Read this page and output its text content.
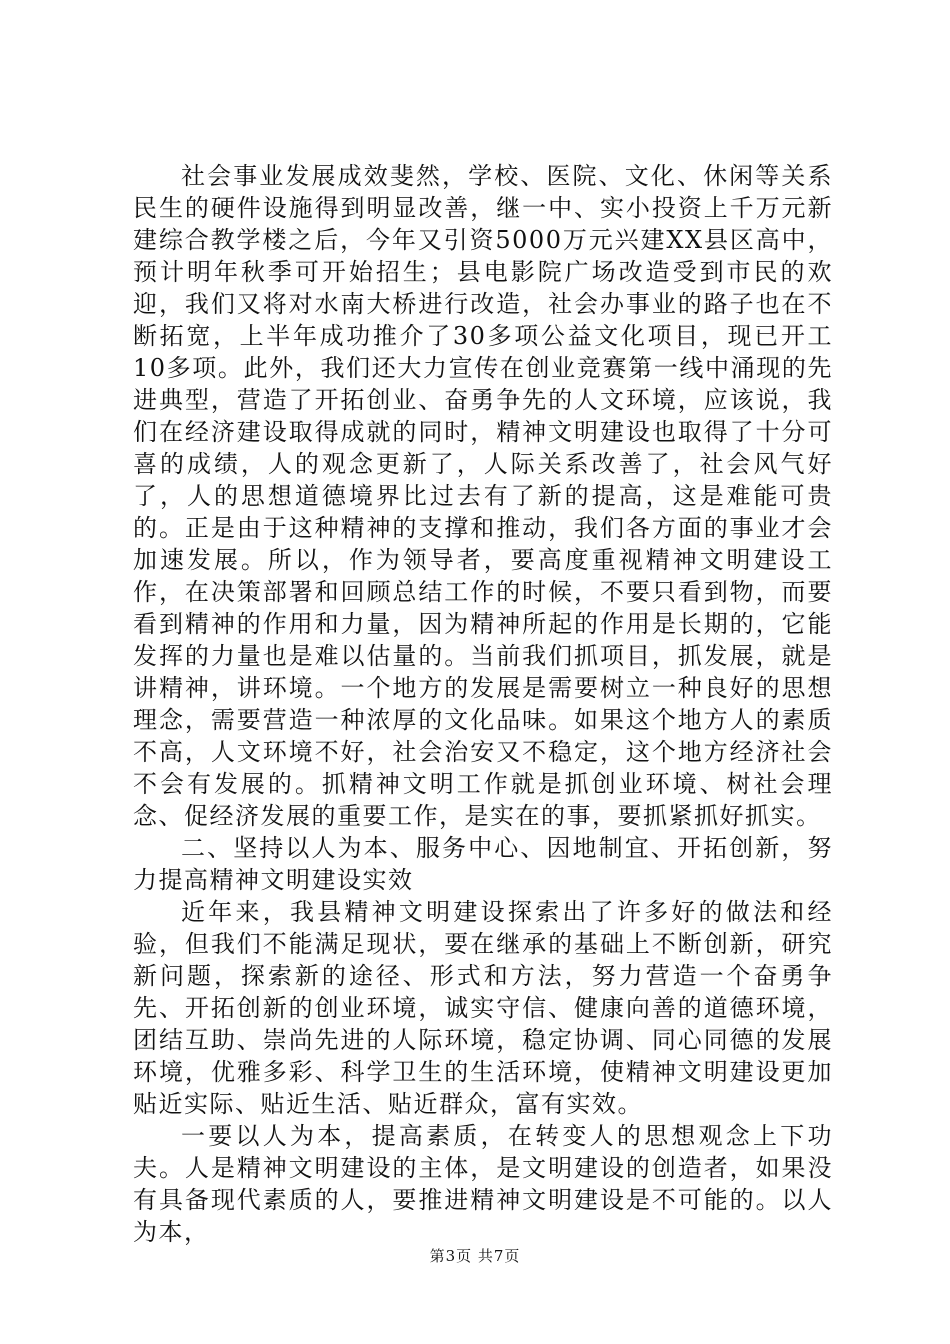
社会事业发展成效斐然，学校、医院、文化、休闲等关系民生的硬件设施得到明显改善，继一中、实小投资上千万元新建综合教学楼之后，今年又引资5000万元兴建XX县区高中，预计明年秋季可开始招生；县电影院广场改造受到市民的欢迎，我们又将对水南大桥进行改造，社会办事业的路子也在不断拓宽，上半年成功推介了30多项公益文化项目，现已开工10多项。此外，我们还大力宣传在创业竞赛第一线中涌现的先进典型，营造了开拓创业、奋勇争先的人文环境，应该说，我们在经济建设取得成就的同时，精神文明建设也取得了十分可喜的成绩，人的观念更新了，人际关系改善了，社会风气好了，人的思想道德境界比过去有了新的提高，这是难能可贵的。正是由于这种精神的支撑和推动，我们各方面的事业才会加速发展。所以，作为领导者，要高度重视精神文明建设工作，在决策部署和回顾总结工作的时候，不要只看到物，而要看到精神的作用和力量，因为精神所起的作用是长期的，它能发挥的力量也是难以估量的。当前我们抓项目，抓发展，就是讲精神，讲环境。一个地方的发展是需要树立一种良好的思想理念，需要营造一种浓厚的文化品味。如果这个地方人的素质不高，人文环境不好，社会治安又不稳定，这个地方经济社会不会有发展的。抓精神文明工作就是抓创业环境、树社会理念、促经济发展的重要工作，是实在的事，要抓紧抓好抓实。

二、坚持以人为本、服务中心、因地制宜、开拓创新，努力提高精神文明建设实效

近年来，我县精神文明建设探索出了许多好的做法和经验，但我们不能满足现状，要在继承的基础上不断创新，研究新问题，探索新的途径、形式和方法，努力营造一个奋勇争先、开拓创新的创业环境，诚实守信、健康向善的道德环境，团结互助、崇尚先进的人际环境，稳定协调、同心同德的发展环境，优雅多彩、科学卫生的生活环境，使精神文明建设更加贴近实际、贴近生活、贴近群众，富有实效。

一要以人为本，提高素质，在转变人的思想观念上下功夫。人是精神文明建设的主体，是文明建设的创造者，如果没有具备现代素质的人，要推进精神文明建设是不可能的。以人为本，

第3页 共7页
